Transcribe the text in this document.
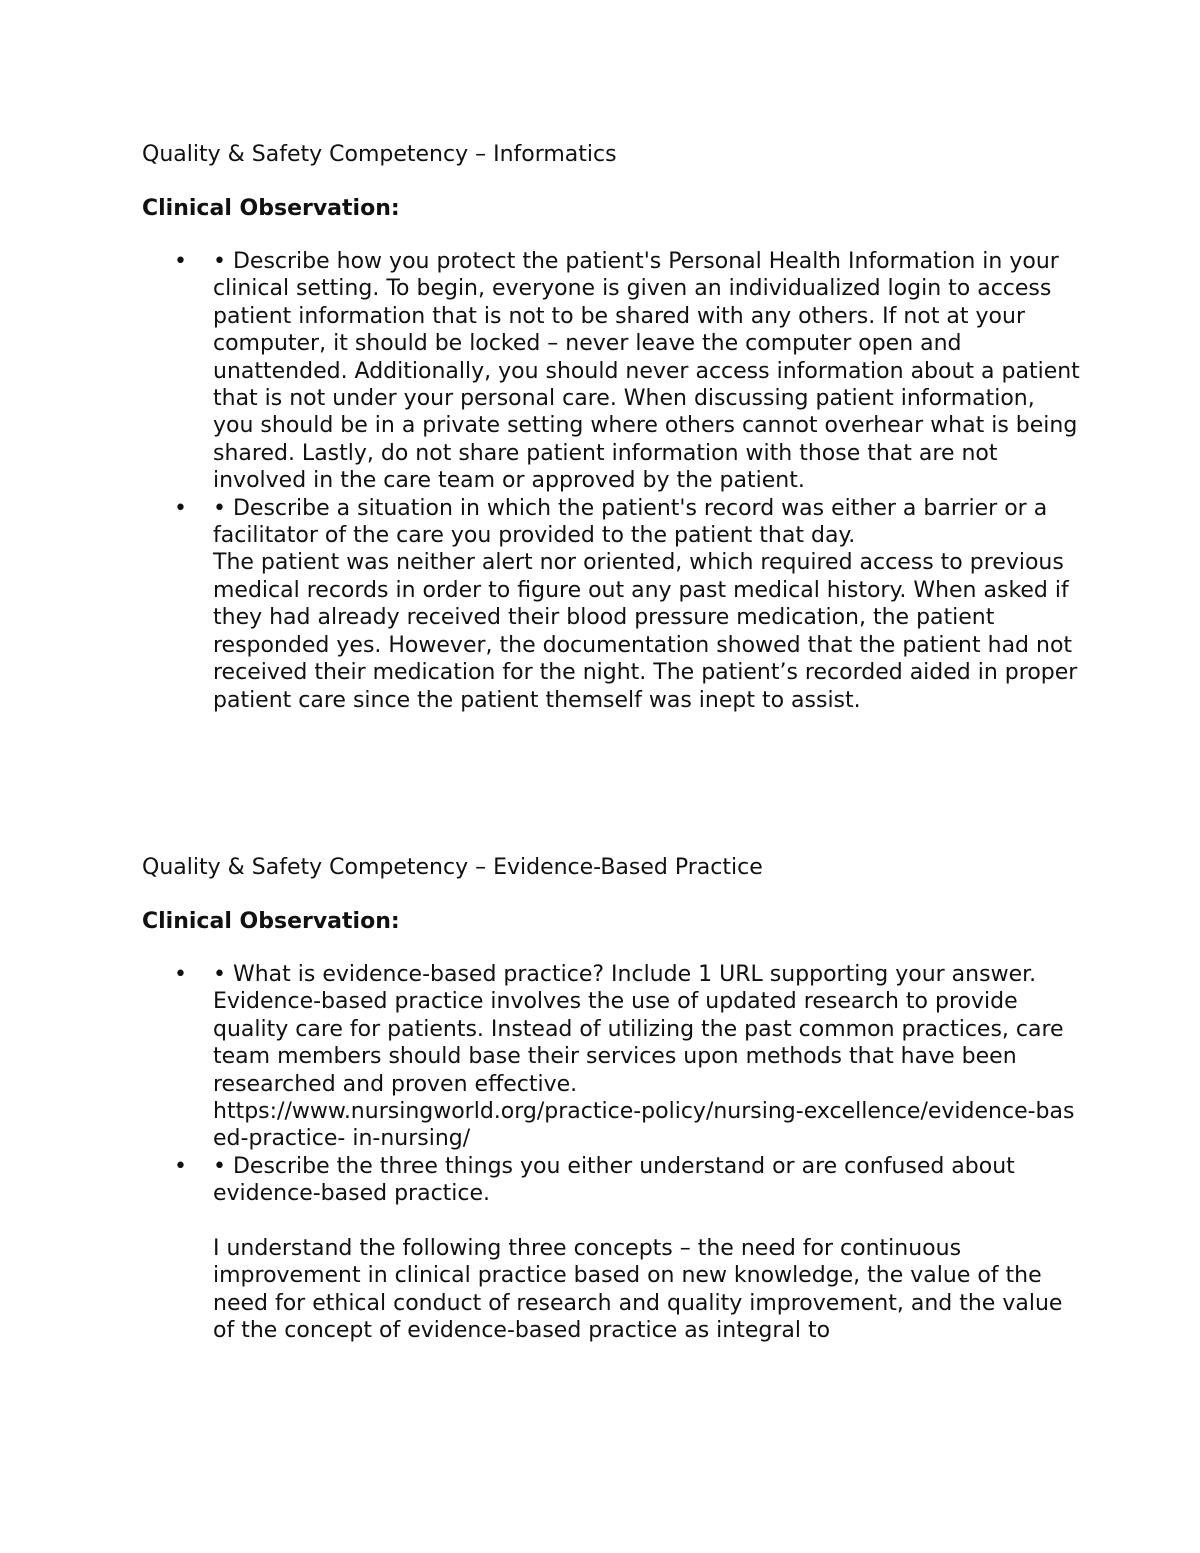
Quality & Safety Competency – Informatics

Clinical Observation:

• • Describe how you protect the patient's Personal Health Information in your clinical setting. To begin, everyone is given an individualized login to access patient information that is not to be shared with any others. If not at your computer, it should be locked – never leave the computer open and unattended. Additionally, you should never access information about a patient that is not under your personal care. When discussing patient information, you should be in a private setting where others cannot overhear what is being shared. Lastly, do not share patient information with those that are not involved in the care team or approved by the patient.
• • Describe a situation in which the patient's record was either a barrier or a facilitator of the care you provided to the patient that day.
The patient was neither alert nor oriented, which required access to previous medical records in order to figure out any past medical history. When asked if they had already received their blood pressure medication, the patient responded yes. However, the documentation showed that the patient had not received their medication for the night. The patient’s recorded aided in proper patient care since the patient themself was inept to assist.

Quality & Safety Competency – Evidence-Based Practice

Clinical Observation:

• • What is evidence-based practice? Include 1 URL supporting your answer.
Evidence-based practice involves the use of updated research to provide quality care for patients. Instead of utilizing the past common practices, care team members should base their services upon methods that have been researched and proven effective.
https://www.nursingworld.org/practice-policy/nursing-excellence/evidence-based-practice- in-nursing/
• • Describe the three things you either understand or are confused about evidence-based practice.
I understand the following three concepts – the need for continuous improvement in clinical practice based on new knowledge, the value of the need for ethical conduct of research and quality improvement, and the value of the concept of evidence-based practice as integral to
